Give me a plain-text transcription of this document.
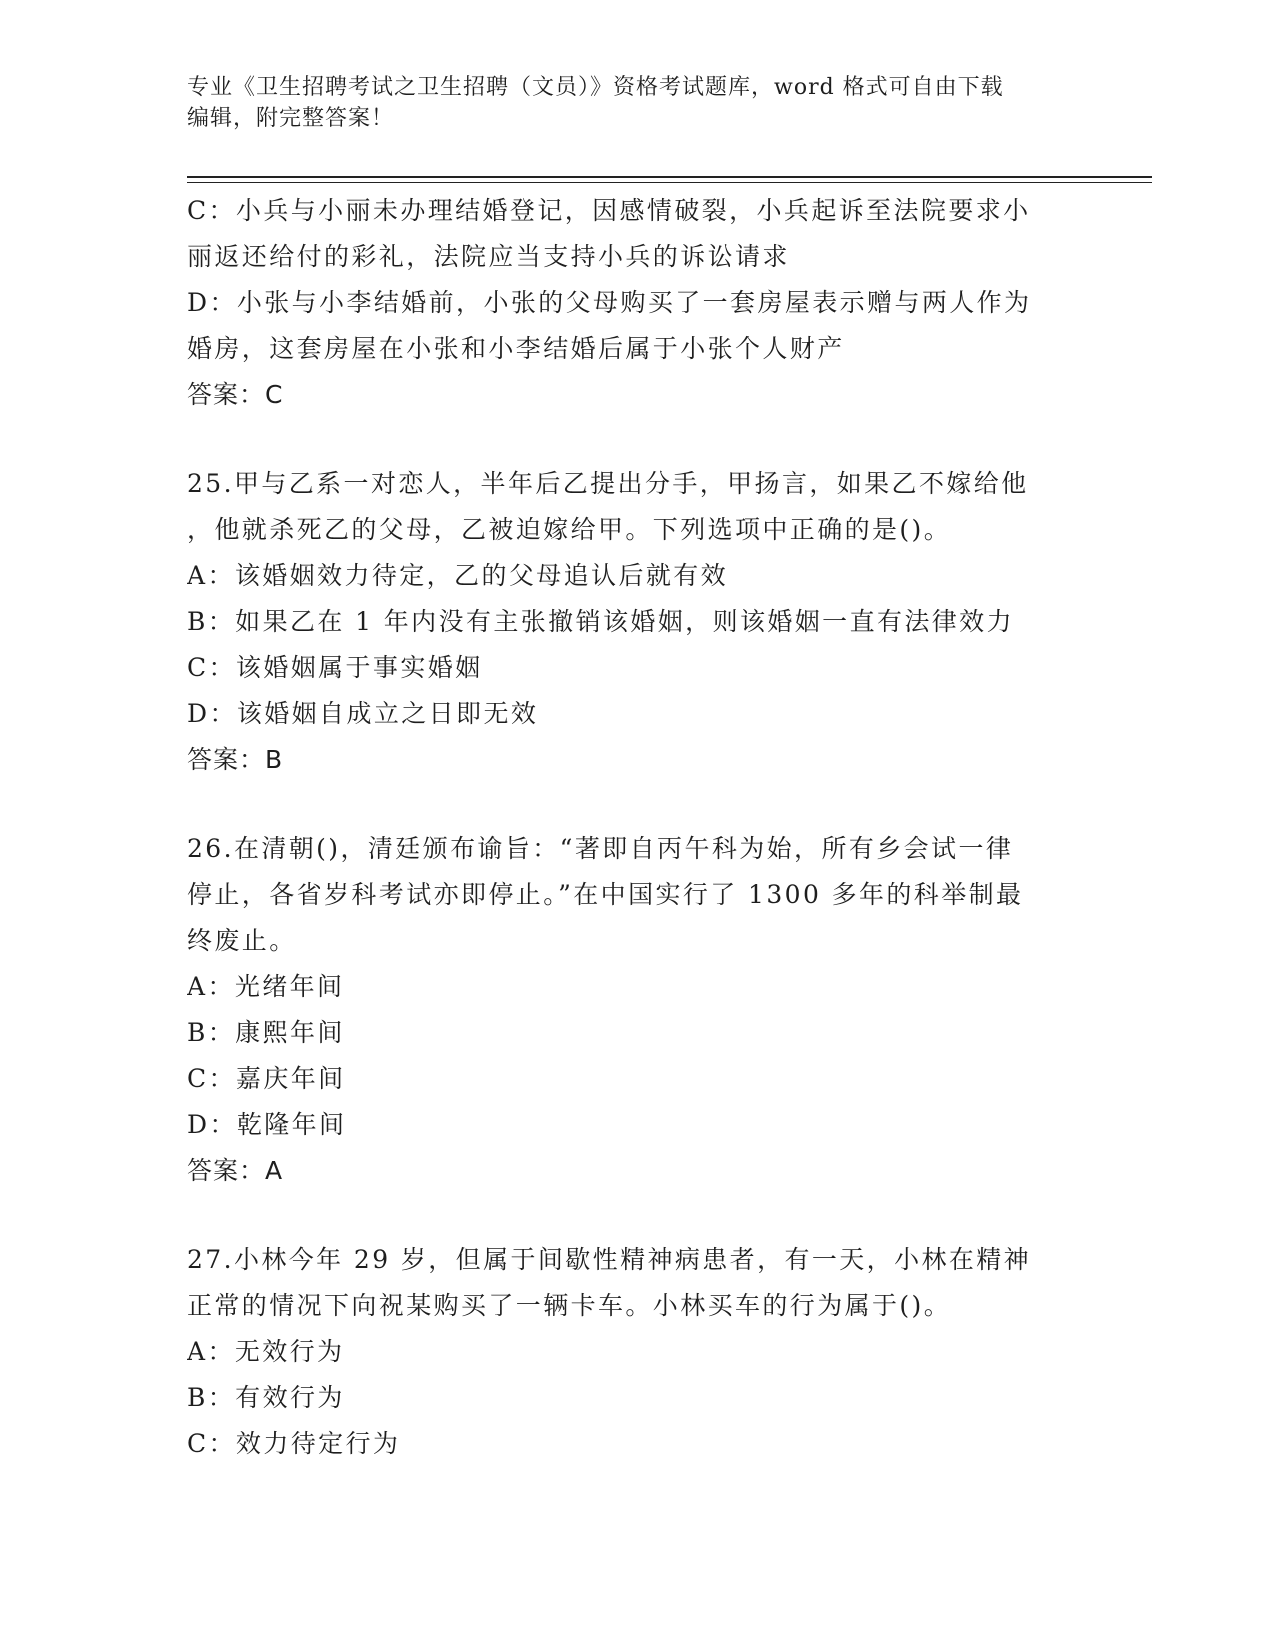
专业《卫生招聘考试之卫生招聘（文员）》资格考试题库，word 格式可自由下载
编辑，附完整答案！
C：小兵与小丽未办理结婚登记，因感情破裂，小兵起诉至法院要求小
丽返还给付的彩礼，法院应当支持小兵的诉讼请求
D：小张与小李结婚前，小张的父母购买了一套房屋表示赠与两人作为
婚房，这套房屋在小张和小李结婚后属于小张个人财产
答案：C
25.甲与乙系一对恋人，半年后乙提出分手，甲扬言，如果乙不嫁给他
，他就杀死乙的父母，乙被迫嫁给甲。下列选项中正确的是()。
A：该婚姻效力待定，乙的父母追认后就有效
B：如果乙在 1 年内没有主张撤销该婚姻，则该婚姻一直有法律效力
C：该婚姻属于事实婚姻
D：该婚姻自成立之日即无效
答案：B
26.在清朝()，清廷颁布谕旨：“著即自丙午科为始，所有乡会试一律
停止，各省岁科考试亦即停止。”在中国实行了 1300 多年的科举制最
终废止。
A：光绪年间
B：康熙年间
C：嘉庆年间
D：乾隆年间
答案：A
27.小林今年 29 岁，但属于间歇性精神病患者，有一天，小林在精神
正常的情况下向祝某购买了一辆卡车。小林买车的行为属于()。
A：无效行为
B：有效行为
C：效力待定行为
